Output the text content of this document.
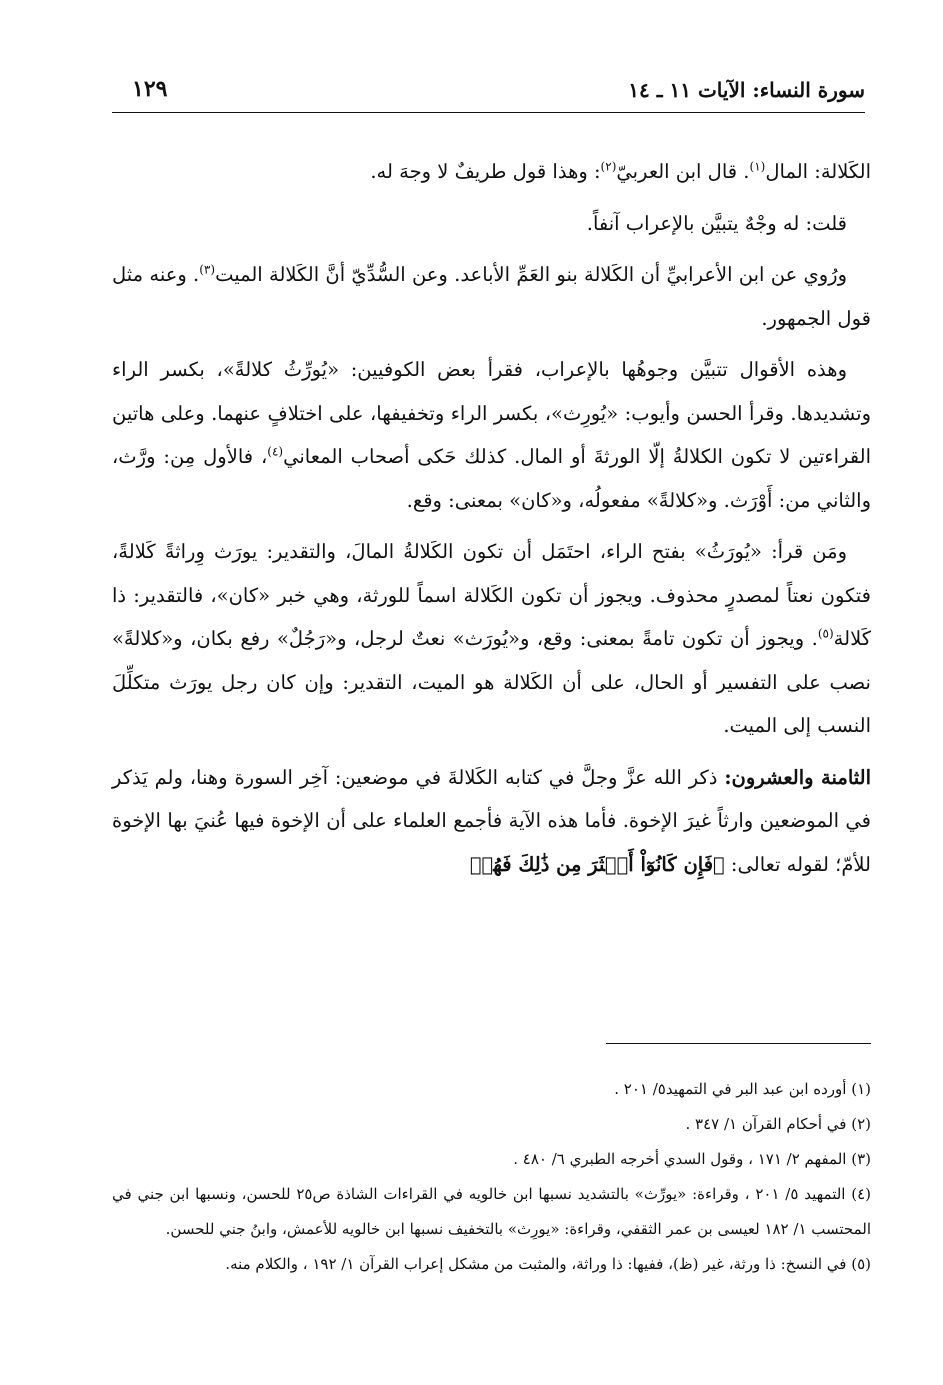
سورة النساء: الآيات ١١ ـ ١٤
١٢٩

الكَلالة: المال$^{(١)}$. قال ابن العربيّ$^{(٢)}$: وهذا قول طريفٌ لا وجهَ له.

قلت: له وجْهٌ يتبيَّن بالإعراب آنفاً.

ورُوي عن ابن الأعرابيِّ أن الكَلالة بنو العَمِّ الأباعد. وعن السُّدِّيّ أنَّ الكَلالة الميت$^{(٣)}$. وعنه مثل قول الجمهور.

وهذه الأقوال تتبيَّن وجوهُها بالإعراب، فقرأ بعض الكوفيين: «يُورِّثُ كلالةً»، بكسر الراء وتشديدها. وقرأ الحسن وأيوب: «يُورِث»، بكسر الراء وتخفيفها، على اختلافٍ عنهما. وعلى هاتين القراءتين لا تكون الكلالةُ إلّا الورثةَ أو المال. كذلك حَكى أصحاب المعاني$^{(٤)}$، فالأول مِن: ورَّث، والثاني من: أَوْرَث. و«كلالةً» مفعولُه، و«كان» بمعنى: وقع.

ومَن قرأ: «يُورَثُ» بفتح الراء، احتَمَل أن تكون الكَلالةُ المالَ، والتقدير: يورَث وِراثةً كَلالةً، فتكون نعتاً لمصدرٍ محذوف. ويجوز أن تكون الكَلالة اسماً للورثة، وهي خبر «كان»، فالتقدير: ذا كَلالة$^{(٥)}$. ويجوز أن تكون تامةً بمعنى: وقع، و«يُورَث» نعتٌ لرجل، و«رَجُلٌ» رفع بكان، و«كلالةً» نصب على التفسير أو الحال، على أن الكَلالة هو الميت، التقدير: وإن كان رجل يورَث متكلِّلَ النسب إلى الميت.

الثامنة والعشرون: ذكر الله عزَّ وجلَّ في كتابه الكَلالةَ في موضعين: آخِر السورة وهنا، ولم يَذكر في الموضعين وارثاً غيرَ الإخوة. فأما هذه الآية فأجمع العلماء على أن الإخوة فيها عُنيَ بها الإخوة للأمّ؛ لقوله تعالى: ﴿فَإِن كَانُوٓاْ أَكۡثَرَ مِن ذَٰلِكَ فَهُمۡ

(١) أورده ابن عبد البر في التمهيد٥/ ٢٠١ .

(٢) في أحكام القرآن ١/ ٣٤٧ .

(٣) المفهم ٢/ ١٧١ ، وقول السدي أخرجه الطبري ٦/ ٤٨٠ .

(٤) التمهيد ٥/ ٢٠١ ، وقراءة: «يورِّث» بالتشديد نسبها ابن خالويه في القراءات الشاذة ص٢٥ للحسن، ونسبها ابن جني في المحتسب ١/ ١٨٢ لعيسى بن عمر الثقفي، وقراءة: «يورِث» بالتخفيف نسبها ابن خالويه للأعمش، وابنُ جني للحسن.

(٥) في النسخ: ذا ورثة، غير (ظ)، ففيها: ذا وراثة، والمثبت من مشكل إعراب القرآن ١/ ١٩٢ ، والكلام منه.
